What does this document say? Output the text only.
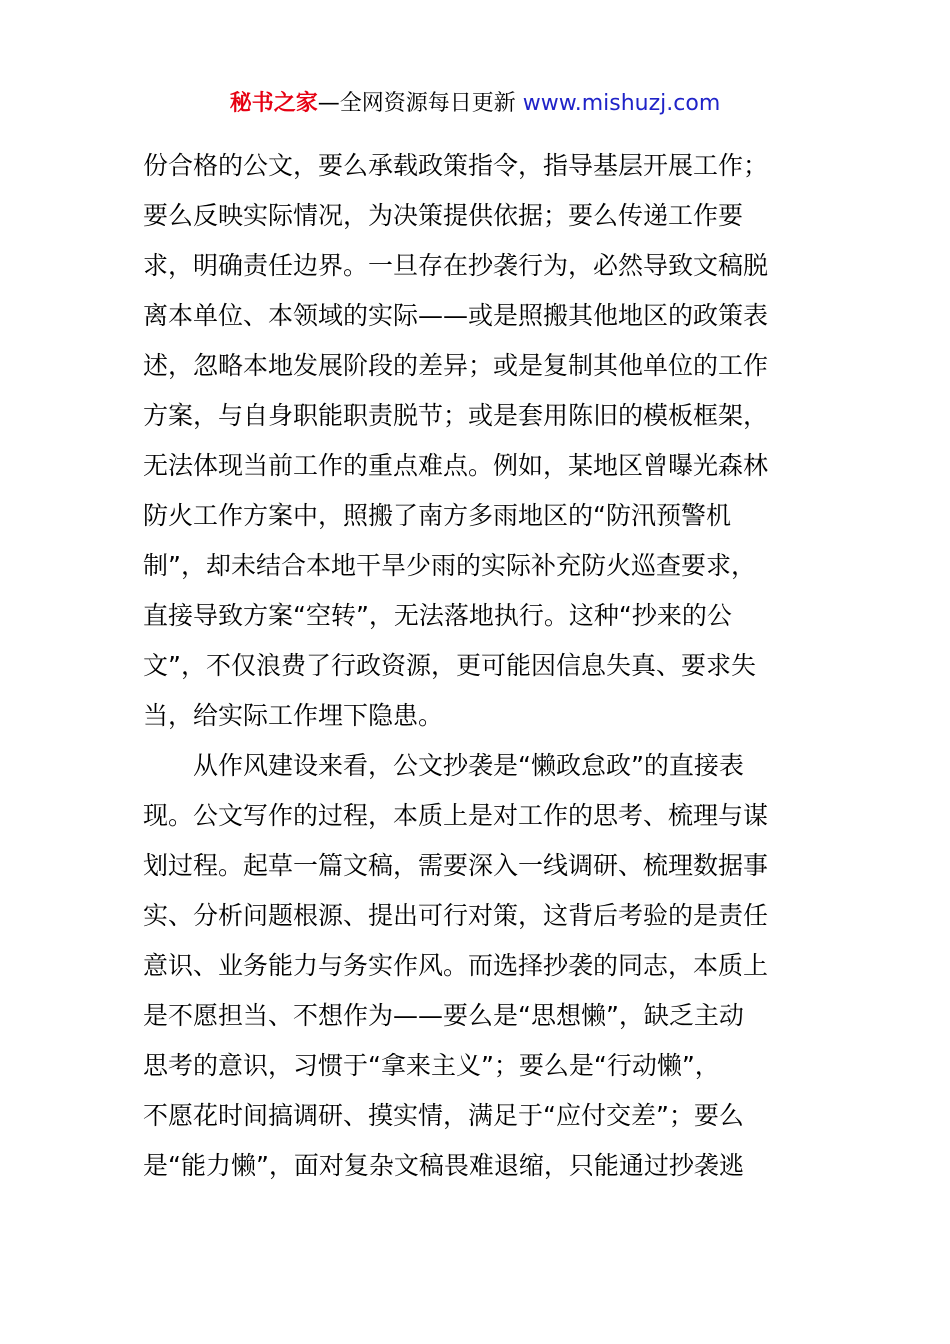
秘书之家—全网资源每日更新 www.mishuzj.com
份合格的公文，要么承载政策指令，指导基层开展工作；
要么反映实际情况，为决策提供依据；要么传递工作要
求，明确责任边界。一旦存在抄袭行为，必然导致文稿脱
离本单位、本领域的实际——或是照搬其他地区的政策表
述，忽略本地发展阶段的差异；或是复制其他单位的工作
方案，与自身职能职责脱节；或是套用陈旧的模板框架，
无法体现当前工作的重点难点。例如，某地区曾曝光森林
防火工作方案中，照搬了南方多雨地区的“防汛预警机
制”，却未结合本地干旱少雨的实际补充防火巡查要求，
直接导致方案“空转”，无法落地执行。这种“抄来的公
文”，不仅浪费了行政资源，更可能因信息失真、要求失
当，给实际工作埋下隐患。
从作风建设来看，公文抄袭是“懒政怠政”的直接表
现。公文写作的过程，本质上是对工作的思考、梳理与谋
划过程。起草一篇文稿，需要深入一线调研、梳理数据事
实、分析问题根源、提出可行对策，这背后考验的是责任
意识、业务能力与务实作风。而选择抄袭的同志，本质上
是不愿担当、不想作为——要么是“思想懒”，缺乏主动
思考的意识，习惯于“拿来主义”；要么是“行动懒”，
不愿花时间搞调研、摸实情，满足于“应付交差”；要么
是“能力懒”，面对复杂文稿畏难退缩，只能通过抄袭逃
